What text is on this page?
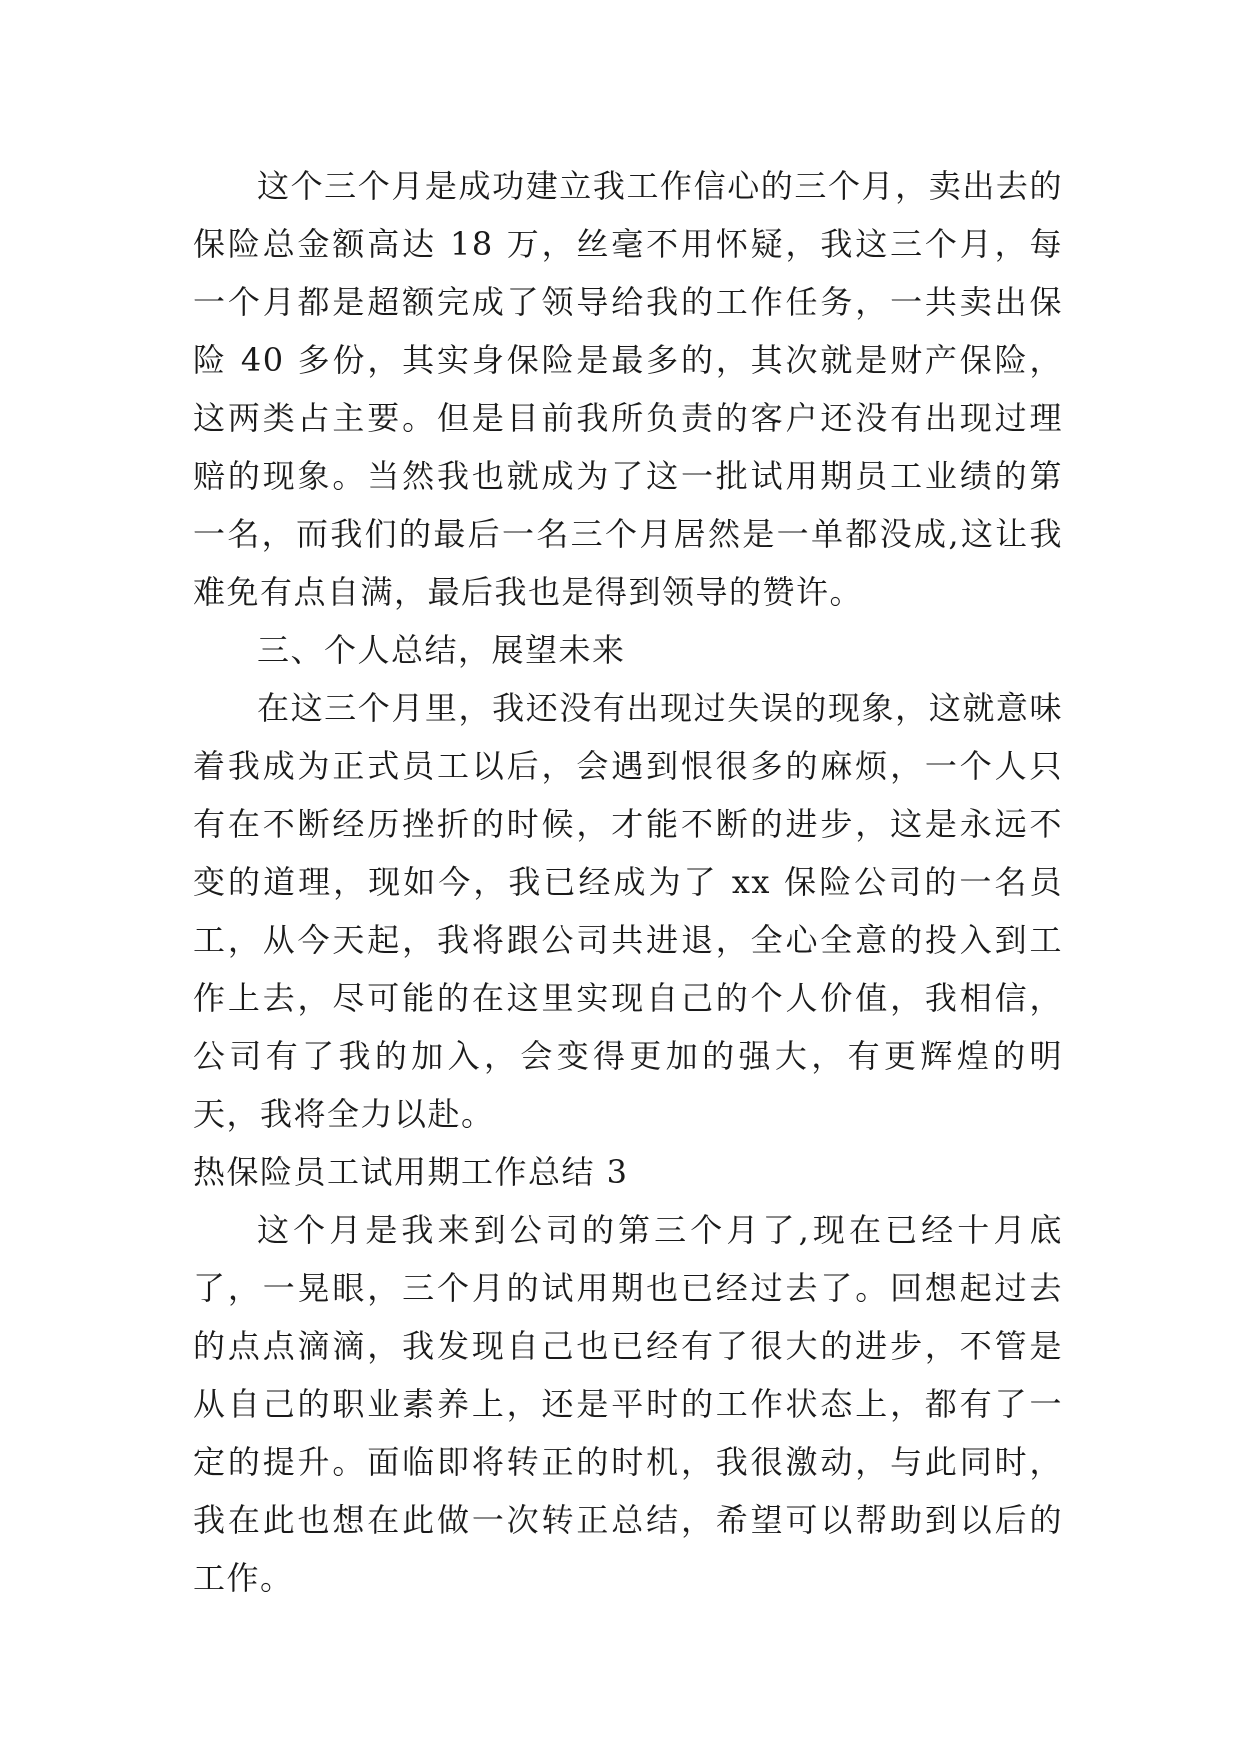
这个三个月是成功建立我工作信心的三个月，卖出去的保险总金额高达 18 万，丝毫不用怀疑，我这三个月，每一个月都是超额完成了领导给我的工作任务，一共卖出保险 40 多份，其实身保险是最多的，其次就是财产保险，这两类占主要。但是目前我所负责的客户还没有出现过理赔的现象。当然我也就成为了这一批试用期员工业绩的第一名，而我们的最后一名三个月居然是一单都没成,这让我难免有点自满，最后我也是得到领导的赞许。

三、个人总结，展望未来

在这三个月里，我还没有出现过失误的现象，这就意味着我成为正式员工以后，会遇到恨很多的麻烦，一个人只有在不断经历挫折的时候，才能不断的进步，这是永远不变的道理，现如今，我已经成为了 xx 保险公司的一名员工，从今天起，我将跟公司共进退，全心全意的投入到工作上去，尽可能的在这里实现自己的个人价值，我相信，公司有了我的加入，会变得更加的强大，有更辉煌的明天，我将全力以赴。

热保险员工试用期工作总结 3

这个月是我来到公司的第三个月了,现在已经十月底了，一晃眼，三个月的试用期也已经过去了。回想起过去的点点滴滴，我发现自己也已经有了很大的进步，不管是从自己的职业素养上，还是平时的工作状态上，都有了一定的提升。面临即将转正的时机，我很激动，与此同时，我在此也想在此做一次转正总结，希望可以帮助到以后的工作。
